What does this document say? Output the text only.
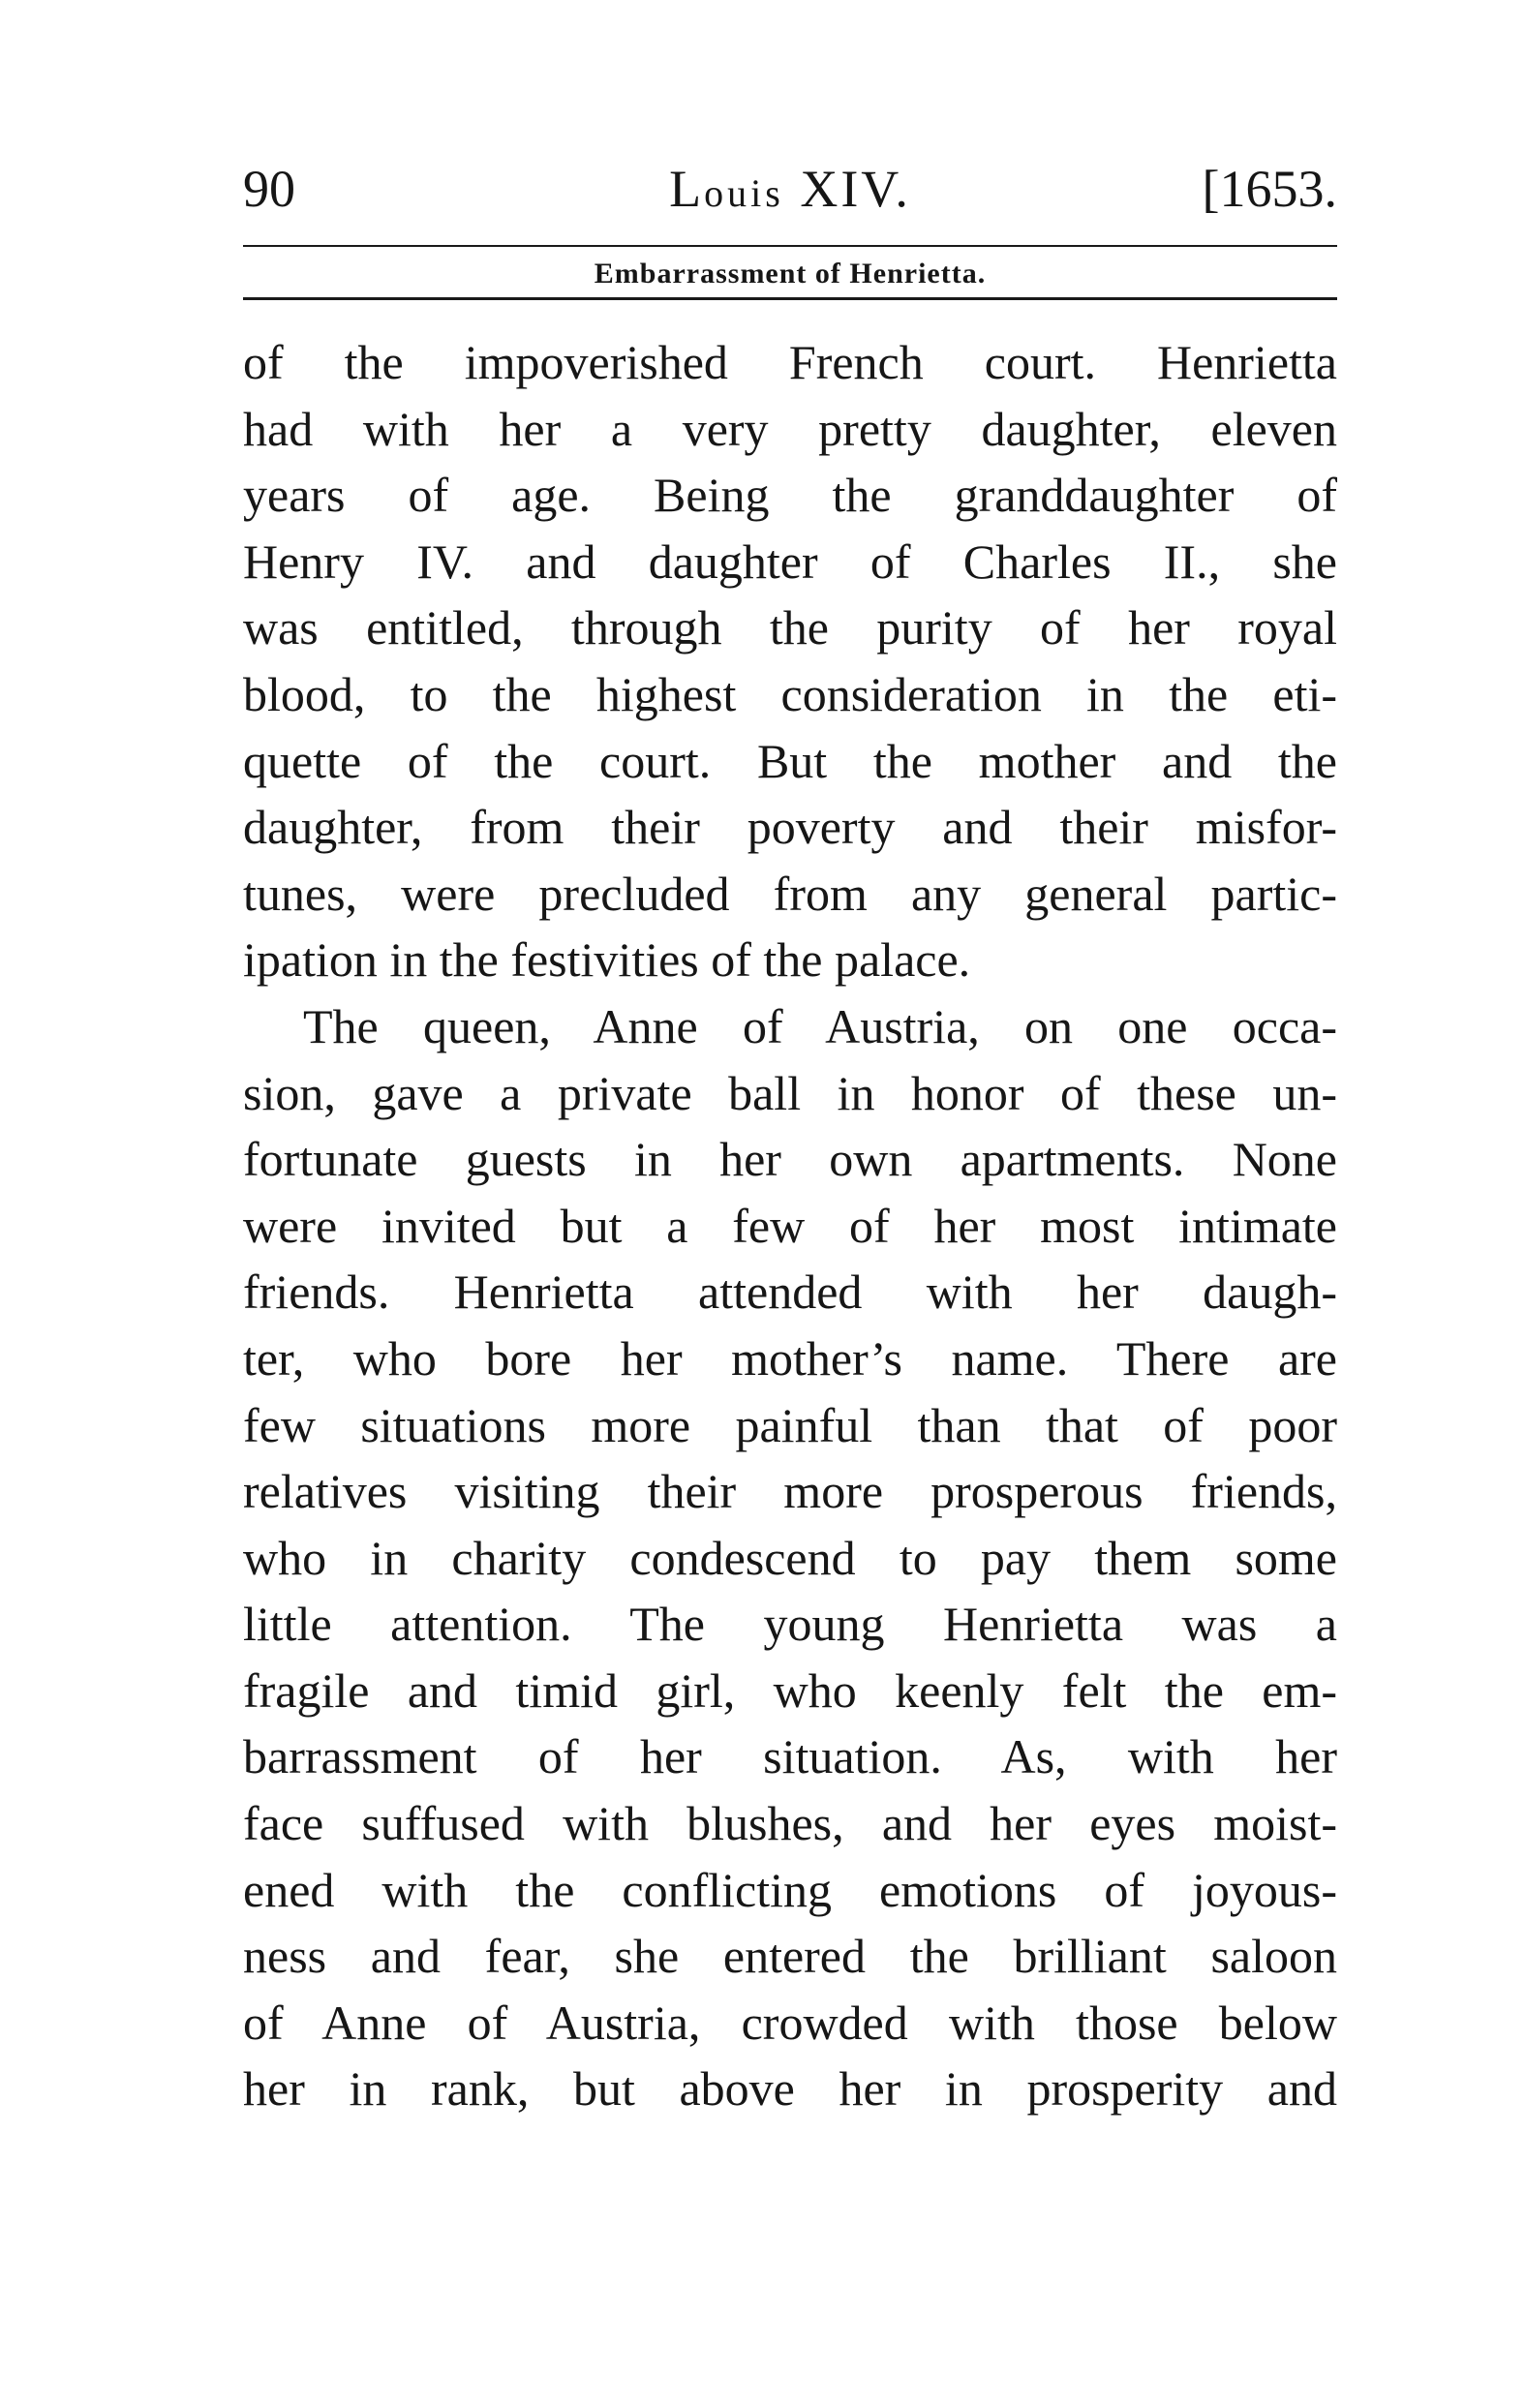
90	Louis XIV.	[1653.
Embarrassment of Henrietta.
of the impoverished French court. Henrietta
had with her a very pretty daughter, eleven
years of age. Being the granddaughter of
Henry IV. and daughter of Charles II., she
was entitled, through the purity of her royal
blood, to the highest consideration in the eti-
quette of the court. But the mother and the
daughter, from their poverty and their misfor-
tunes, were precluded from any general partic-
ipation in the festivities of the palace.
The queen, Anne of Austria, on one occa-
sion, gave a private ball in honor of these un-
fortunate guests in her own apartments. None
were invited but a few of her most intimate
friends. Henrietta attended with her daugh-
ter, who bore her mother’s name. There are
few situations more painful than that of poor
relatives visiting their more prosperous friends,
who in charity condescend to pay them some
little attention. The young Henrietta was a
fragile and timid girl, who keenly felt the em-
barrassment of her situation. As, with her
face suffused with blushes, and her eyes moist-
ened with the conflicting emotions of joyous-
ness and fear, she entered the brilliant saloon
of Anne of Austria, crowded with those below
her in rank, but above her in prosperity and
